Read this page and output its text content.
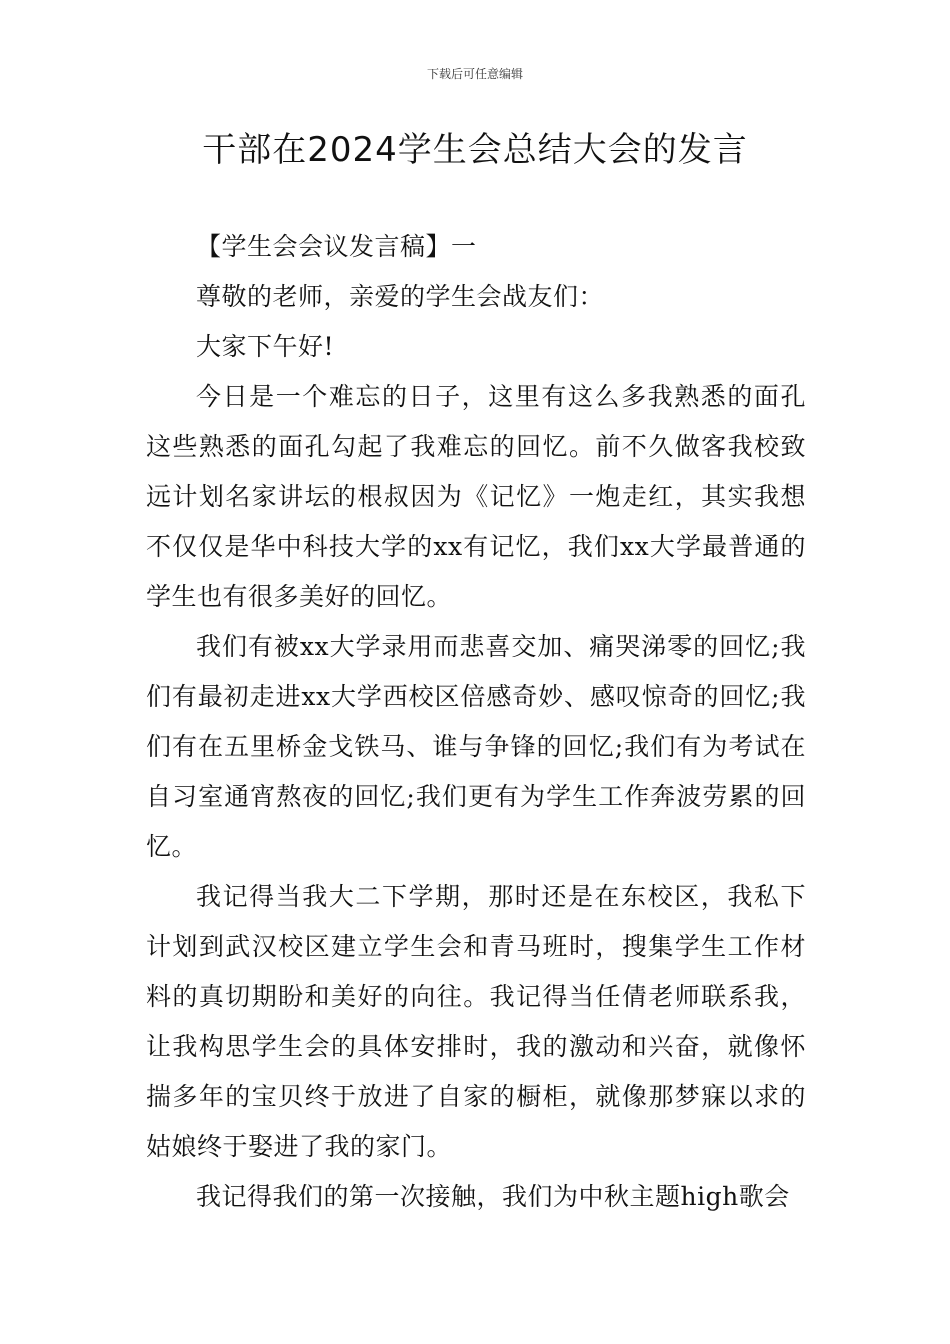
下载后可任意编辑
干部在2024学生会总结大会的发言

【学生会会议发言稿】一

尊敬的老师，亲爱的学生会战友们：

大家下午好!

今日是一个难忘的日子，这里有这么多我熟悉的面孔这些熟悉的面孔勾起了我难忘的回忆。前不久做客我校致远计划名家讲坛的根叔因为《记忆》一炮走红，其实我想不仅仅是华中科技大学的xx有记忆，我们xx大学最普通的学生也有很多美好的回忆。

我们有被xx大学录用而悲喜交加、痛哭涕零的回忆;我们有最初走进xx大学西校区倍感奇妙、感叹惊奇的回忆;我们有在五里桥金戈铁马、谁与争锋的回忆;我们有为考试在自习室通宵熬夜的回忆;我们更有为学生工作奔波劳累的回忆。

我记得当我大二下学期，那时还是在东校区，我私下计划到武汉校区建立学生会和青马班时，搜集学生工作材料的真切期盼和美好的向往。我记得当任倩老师联系我，让我构思学生会的具体安排时，我的激动和兴奋，就像怀揣多年的宝贝终于放进了自家的橱柜，就像那梦寐以求的姑娘终于娶进了我的家门。

我记得我们的第一次接触，我们为中秋主题high歌会
